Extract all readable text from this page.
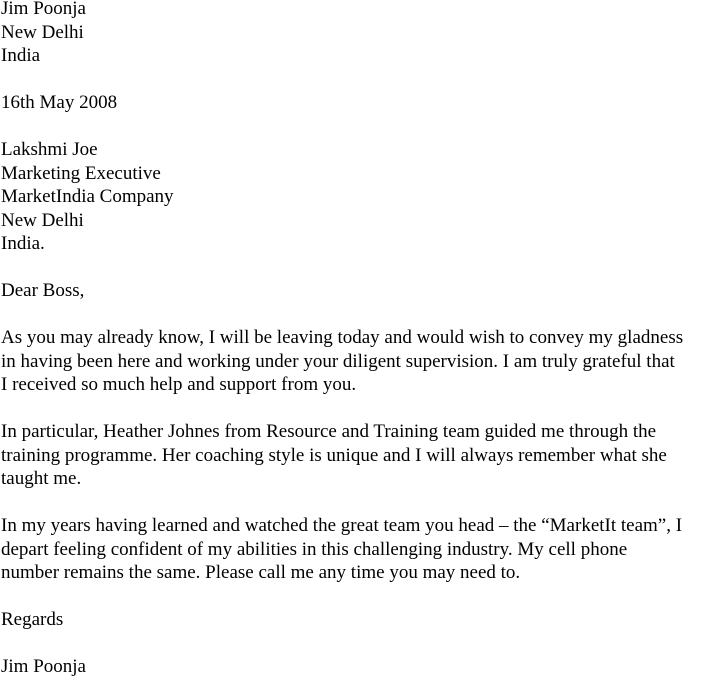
Jim Poonja
New Delhi
India
16th May 2008
Lakshmi Joe
Marketing Executive
MarketIndia Company
New Delhi
India.
Dear Boss,
As you may already know, I will be leaving today and would wish to convey my gladness
in having been here and working under your diligent supervision. I am truly grateful that
I received so much help and support from you.
In particular, Heather Johnes from Resource and Training team guided me through the
training programme. Her coaching style is unique and I will always remember what she
taught me.
In my years having learned and watched the great team you head – the “MarketIt team”, I
depart feeling confident of my abilities in this challenging industry. My cell phone
number remains the same. Please call me any time you may need to.
Regards
Jim Poonja
